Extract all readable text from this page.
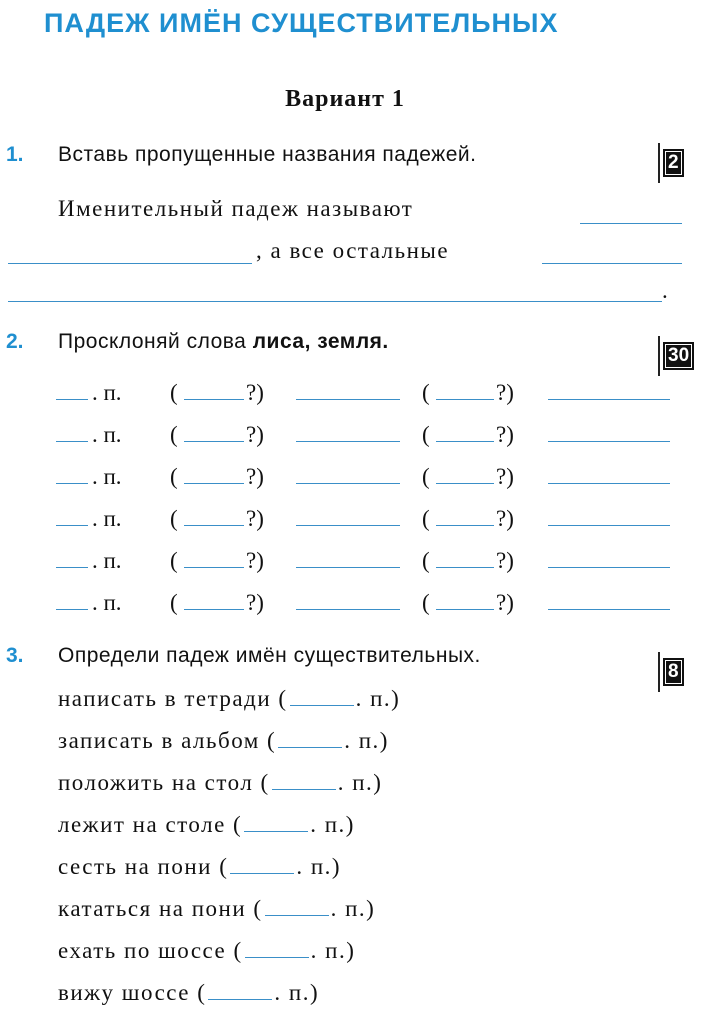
ПАДЕЖ ИМЁН СУЩЕСТВИТЕЛЬНЫХ
Вариант 1
1. Вставь пропущенные названия падежей.	2
Именительный падеж называют
, а все остальные
.
2. Просклоняй слова лиса, земля.
30
. п. (	?)	(	?)
. п. (	?)	(	?)
. п. (	?)	(	?)
. п. (	?)	(	?)
. п. (	?)	(	?)
. п. (	?)	(	?)
3. Определи падеж имён существительных.
8
написать в тетради (	. п.)
записать в альбом (	. п.)
положить на стол (	. п.)
лежит на столе (	. п.)
сесть на пони (	. п.)
кататься на пони (	. п.)
ехать по шоссе (	. п.)
вижу шоссе (	. п.)
